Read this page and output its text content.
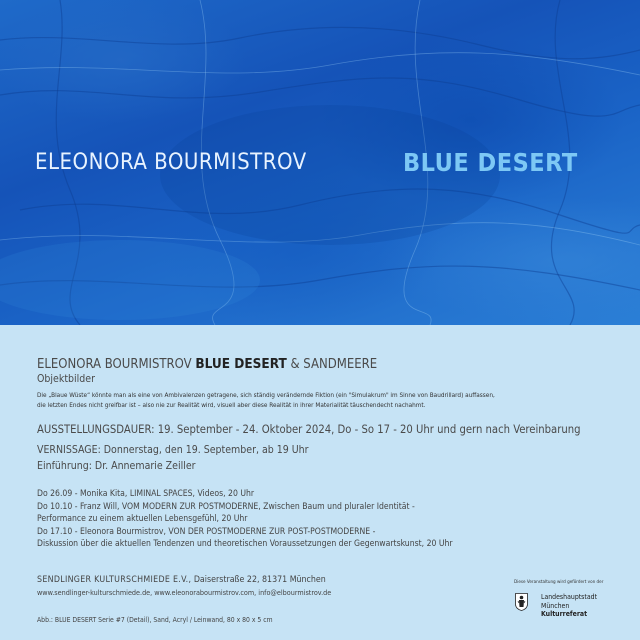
ELEONORA BOURMISTROV	BLUE DESERT
ELEONORA BOURMISTROV BLUE DESERT & SANDMEERE
Objektbilder
Die „Blaue Wüste“ könnte man als eine von Ambivalenzen getragene, sich ständig verändernde Fiktion (ein "Simulakrum" im Sinne von Baudrillard) auffassen,
die letzten Endes nicht greifbar ist – also nie zur Realität wird, visuell aber diese Realität in ihrer Materialität täuschendecht nachahmt.
AUSSTELLUNGSDAUER: 19. September - 24. Oktober 2024, Do - So 17 - 20 Uhr und gern nach Vereinbarung
VERNISSAGE: Donnerstag, den 19. September, ab 19 Uhr
Einführung: Dr. Annemarie Zeiller
Do 26.09 - Monika Kita, LIMINAL SPACES, Videos, 20 Uhr
Do 10.10 - Franz Will, VOM MODERN ZUR POSTMODERNE, Zwischen Baum und pluraler Identität -
Performance zu einem aktuellen Lebensgefühl, 20 Uhr
Do 17.10 - Eleonora Bourmistrov, VON DER POSTMODERNE ZUR POST-POSTMODERNE -
Diskussion über die aktuellen Tendenzen und theoretischen Voraussetzungen der Gegenwartskunst, 20 Uhr
SENDLINGER KULTURSCHMIEDE E.V., Daiserstraße 22, 81371 München
www.sendlinger-kulturschmiede.de, www.eleonorabourmistrov.com, info@elbourmistrov.de
Abb.: BLUE DESERT Serie #7 (Detail), Sand, Acryl / Leinwand, 80 x 80 x 5 cm
Diese Veranstaltung wird gefördert von der
Landeshauptstadt
München
Kulturreferat
